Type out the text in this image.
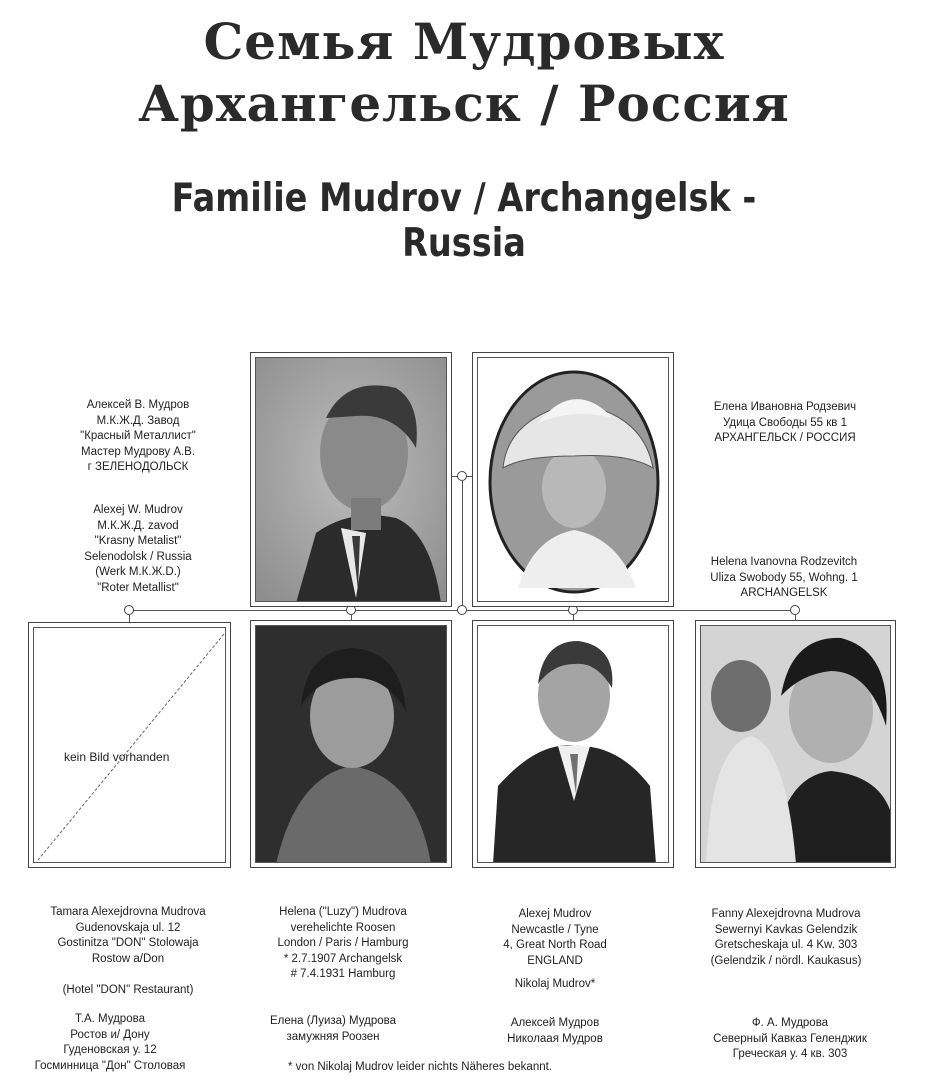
Семья Мудровых
Архангельск / Россия
Familie Mudrov / Archangelsk - Russia
kein Bild vorhanden
Алексей В. Мудров
М.К.Ж.Д. Завод
"Красный Металлист"
Мастер Мудрову А.В.
г ЗЕЛЕНОДОЛЬСК
Alexej W. Mudrov
М.К.Ж.Д. zavod
"Krasny Metalist"
Selenodolsk / Russia
(Werk М.К.Ж.D.)
"Roter Metallist"
Елена Ивановна Родзевич
Удица Свободы 55 кв 1
АРХАНГЕЛЬСК / РОССИЯ
Helena Ivanovna Rodzevitch
Uliza Swobody 55, Wohng. 1
ARCHANGELSK
Tamara Alexejdrovna Mudrova
Gudenovskaja ul. 12
Gostinitza "DON" Stolowaja
Rostow a/Don
(Hotel "DON" Restaurant)
Т.А. Мудрова
Ростов и/ Дону
Гуденовская у. 12
Госминница "Дон" Столовая
Helena ("Luzy") Mudrova
verehelichte Roosen
London / Paris / Hamburg
* 2.7.1907 Archangelsk
# 7.4.1931 Hamburg
Елена (Луиза) Мудрова
замужняя Роозен
Alexej Mudrov
Newcastle / Tyne
4, Great North Road
ENGLAND
Nikolaj Mudrov*
Алексей Мудров
Николаая Мудров
Fanny Alexejdrovna Mudrova
Sewernyi Kavkas Gelendzik
Gretscheskaja ul. 4 Kw. 303
(Gelendzik / nördl. Kaukasus)
Ф. А. Мудрова
Северный Кавказ Геленджик
Греческая у. 4 кв. 303
* von Nikolaj Mudrov leider nichts Näheres bekannt.
